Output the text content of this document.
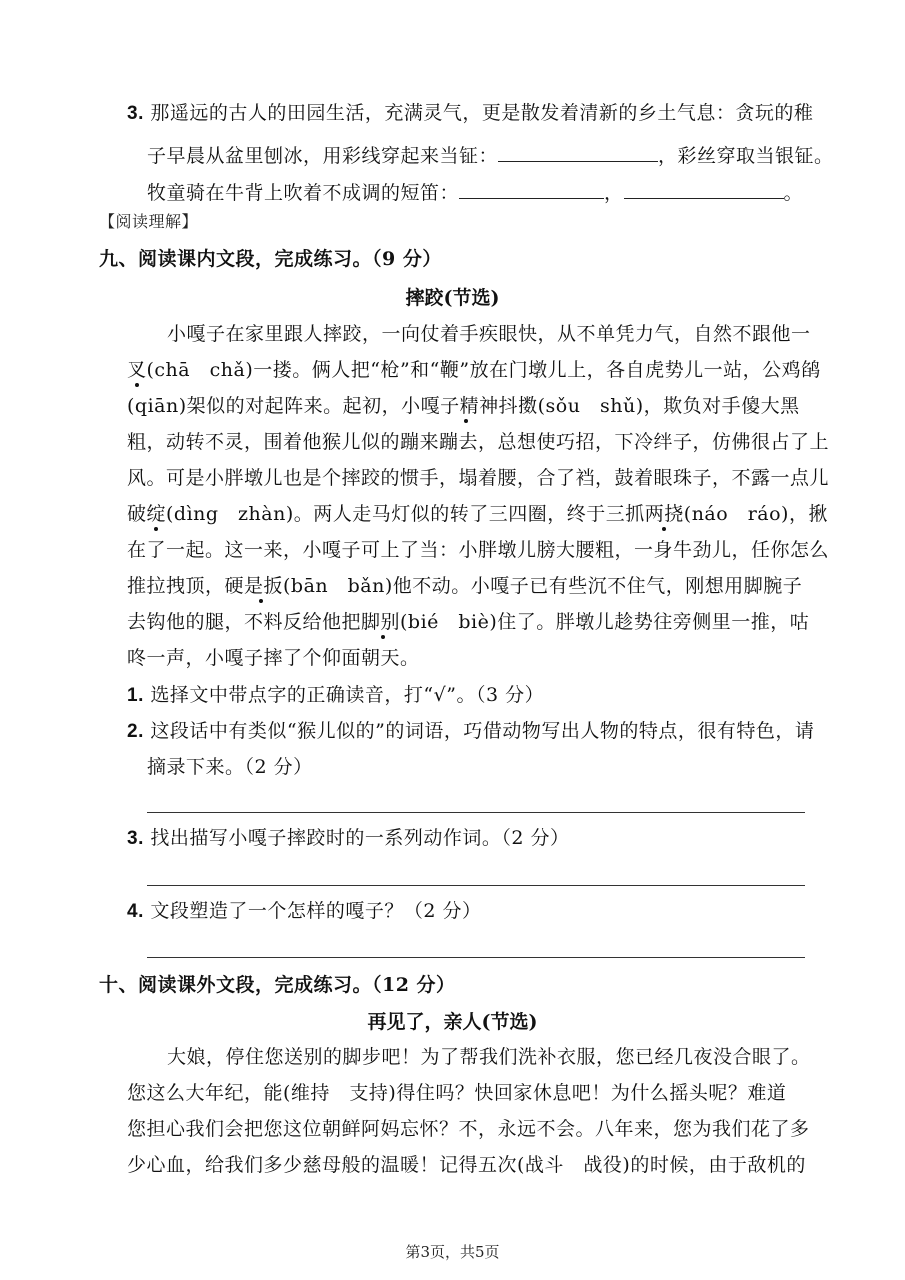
3. 那遥远的古人的田园生活，充满灵气，更是散发着清新的乡土气息：贪玩的稚
子早晨从盆里刨冰，用彩线穿起来当钲：	，彩丝穿取当银钲。
牧童骑在牛背上吹着不成调的短笛：	，	。
【阅读理解】
九、阅读课内文段，完成练习。（9 分）
摔跤(节选)
小嘎子在家里跟人摔跤，一向仗着手疾眼快，从不单凭力气，自然不跟他一
叉(chā　chǎ)一搂。俩人把“枪”和“鞭”放在门墩儿上，各自虎势儿一站，公鸡鹐
(qiān)架似的对起阵来。起初，小嘎子精神抖擞(sǒu　shǔ)，欺负对手傻大黑
粗，动转不灵，围着他猴儿似的蹦来蹦去，总想使巧招，下冷绊子，仿佛很占了上
风。可是小胖墩儿也是个摔跤的惯手，塌着腰，合了裆，鼓着眼珠子，不露一点儿
破绽(dìng　zhàn)。两人走马灯似的转了三四圈，终于三抓两挠(náo　ráo)，揪
在了一起。这一来，小嘎子可上了当：小胖墩儿膀大腰粗，一身牛劲儿，任你怎么
推拉拽顶，硬是扳(bān　bǎn)他不动。小嘎子已有些沉不住气，刚想用脚腕子
去钩他的腿，不料反给他把脚别(bié　biè)住了。胖墩儿趁势往旁侧里一推，咕
咚一声，小嘎子摔了个仰面朝天。
1. 选择文中带点字的正确读音，打“√”。（3 分）
2. 这段话中有类似“猴儿似的”的词语，巧借动物写出人物的特点，很有特色，请
摘录下来。（2 分）
3. 找出描写小嘎子摔跤时的一系列动作词。（2 分）
4. 文段塑造了一个怎样的嘎子？（2 分）
十、阅读课外文段，完成练习。（12 分）
再见了，亲人(节选)
大娘，停住您送别的脚步吧！为了帮我们洗补衣服，您已经几夜没合眼了。
您这么大年纪，能(维持　支持)得住吗？快回家休息吧！为什么摇头呢？难道
您担心我们会把您这位朝鲜阿妈忘怀？不，永远不会。八年来，您为我们花了多
少心血，给我们多少慈母般的温暖！记得五次(战斗　战役)的时候，由于敌机的
第3页，共5页
